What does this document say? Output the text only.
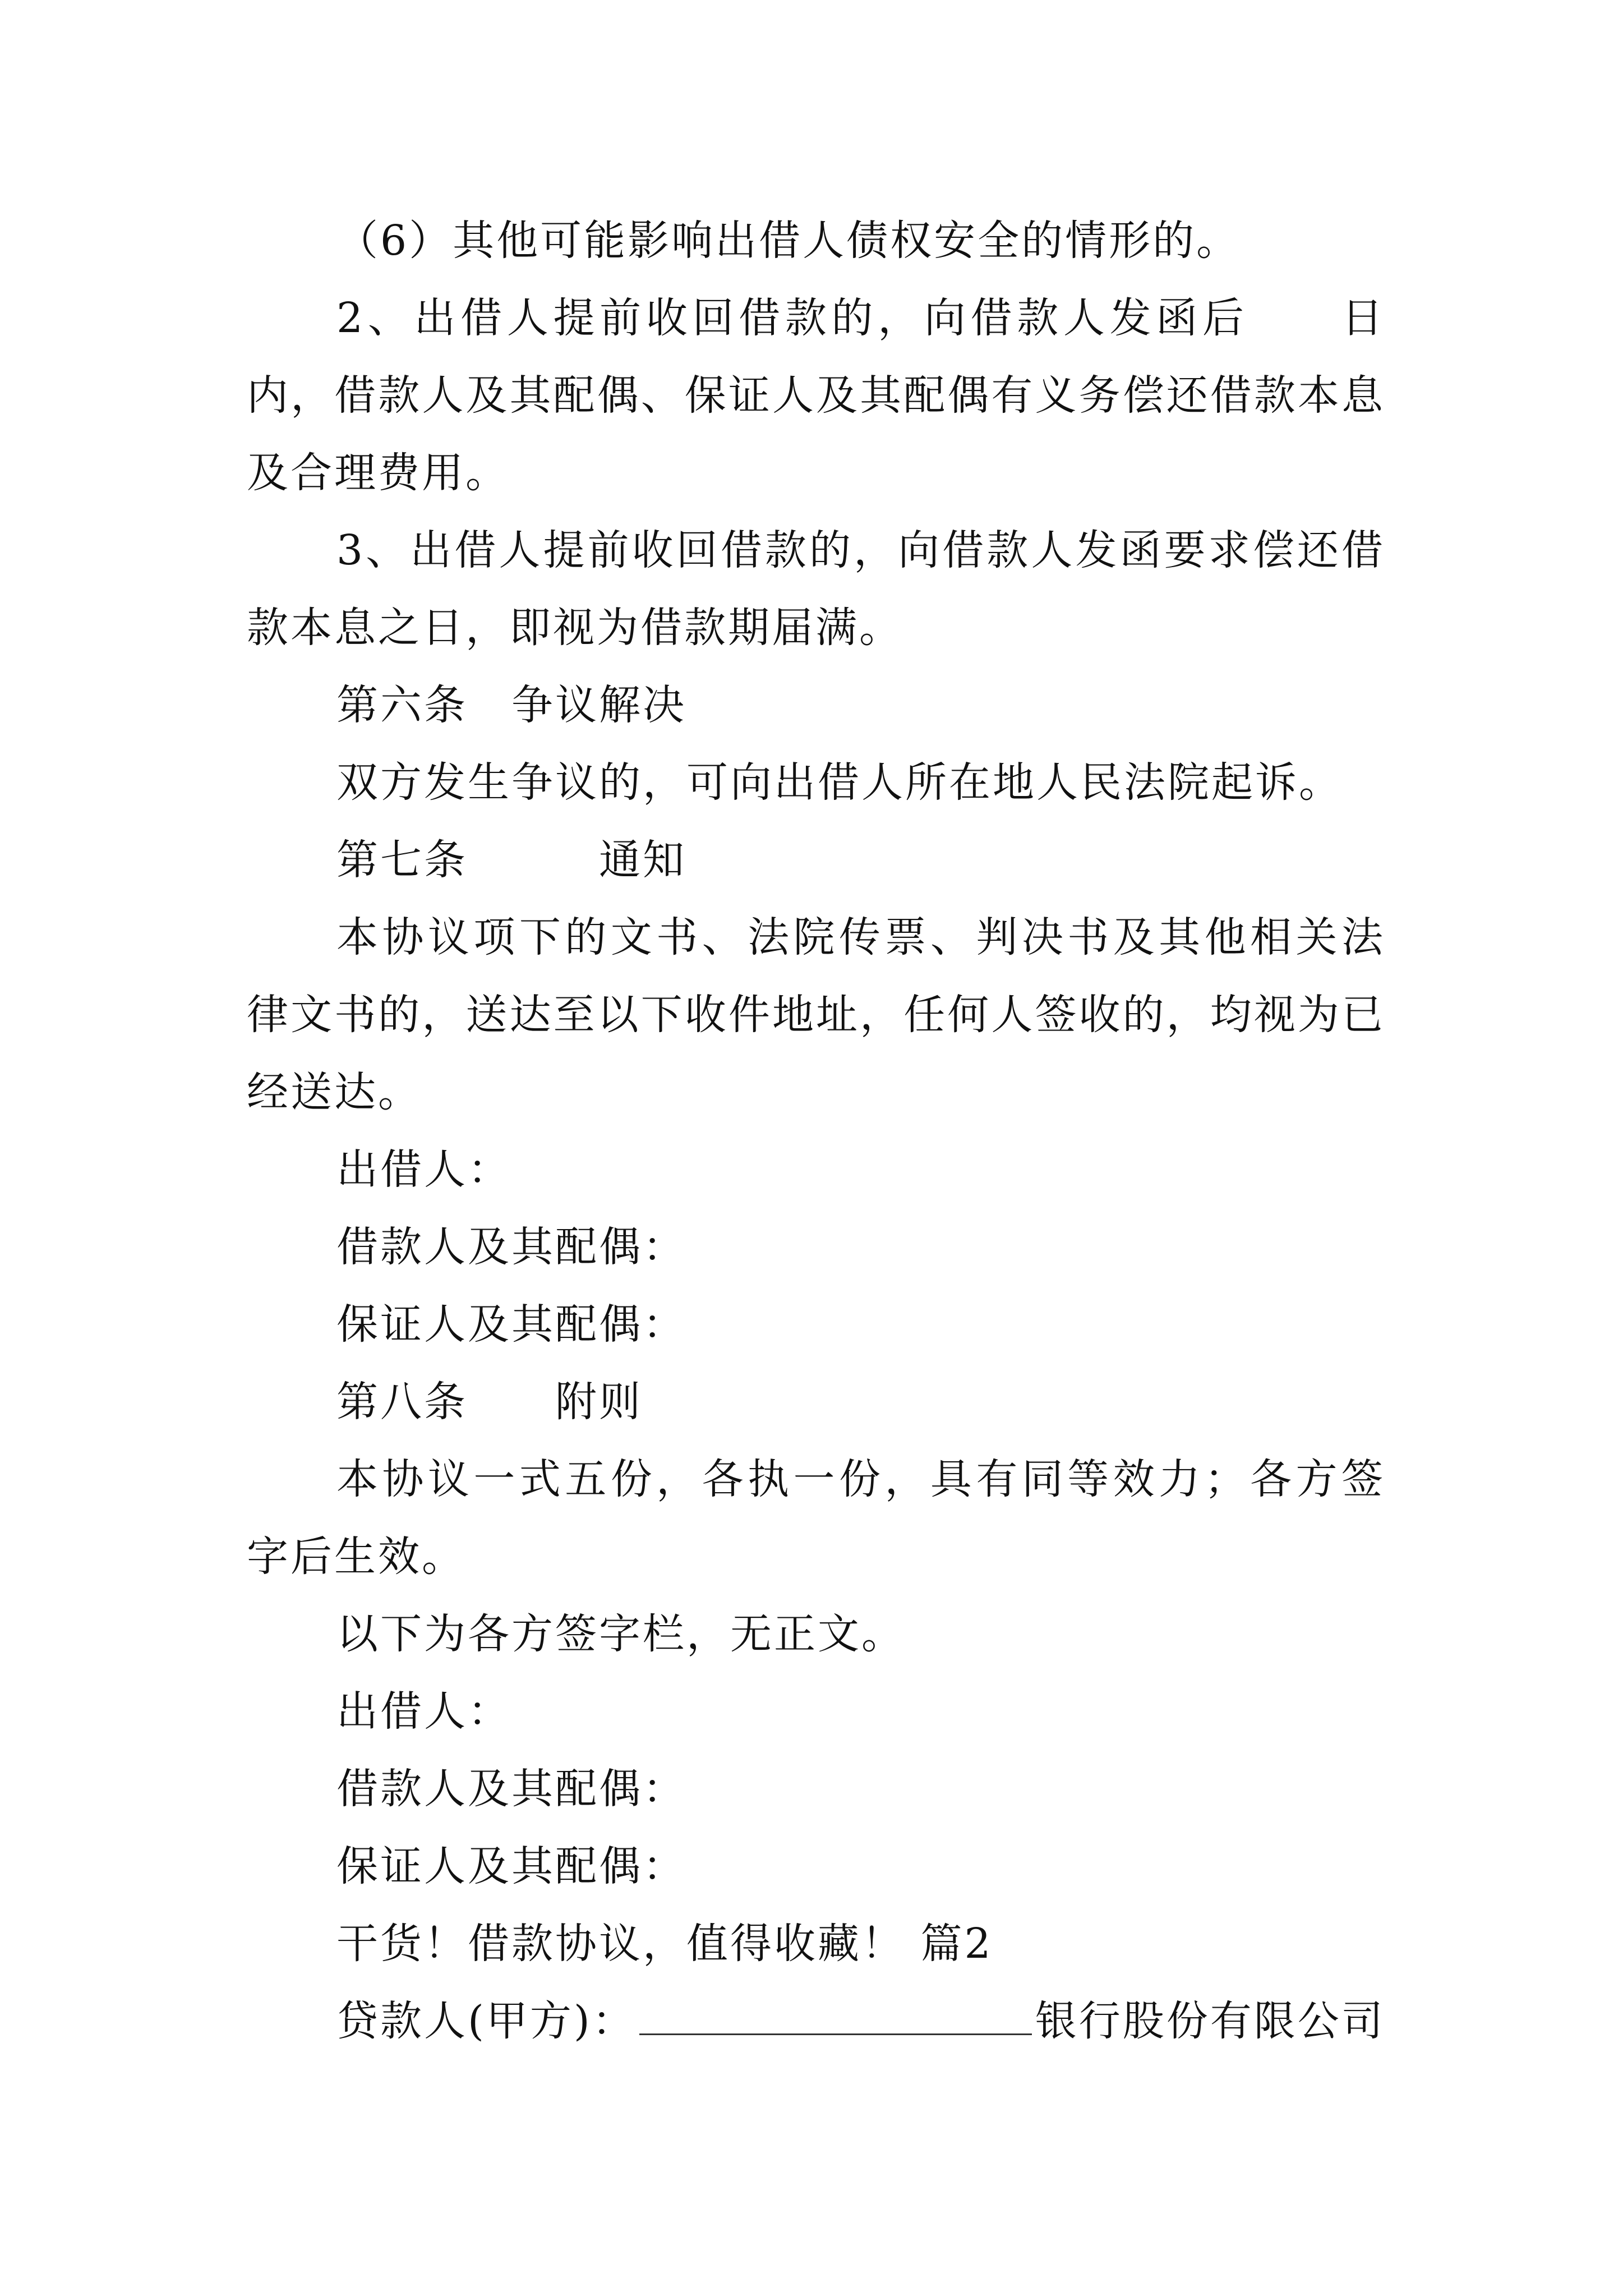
（6）其他可能影响出借人债权安全的情形的。

2、出借人提前收回借款的，向借款人发函后　　日内，借款人及其配偶、保证人及其配偶有义务偿还借款本息及合理费用。

3、出借人提前收回借款的，向借款人发函要求偿还借款本息之日，即视为借款期届满。

第六条　争议解决

双方发生争议的，可向出借人所在地人民法院起诉。

第七条　　　通知

本协议项下的文书、法院传票、判决书及其他相关法律文书的，送达至以下收件地址，任何人签收的，均视为已经送达。

出借人：

借款人及其配偶：

保证人及其配偶：

第八条　　附则

本协议一式五份，各执一份，具有同等效力；各方签字后生效。

以下为各方签字栏，无正文。

出借人：

借款人及其配偶：

保证人及其配偶：

干货！借款协议，值得收藏！ 篇2

贷款人(甲方)：	银行股份有限公司
